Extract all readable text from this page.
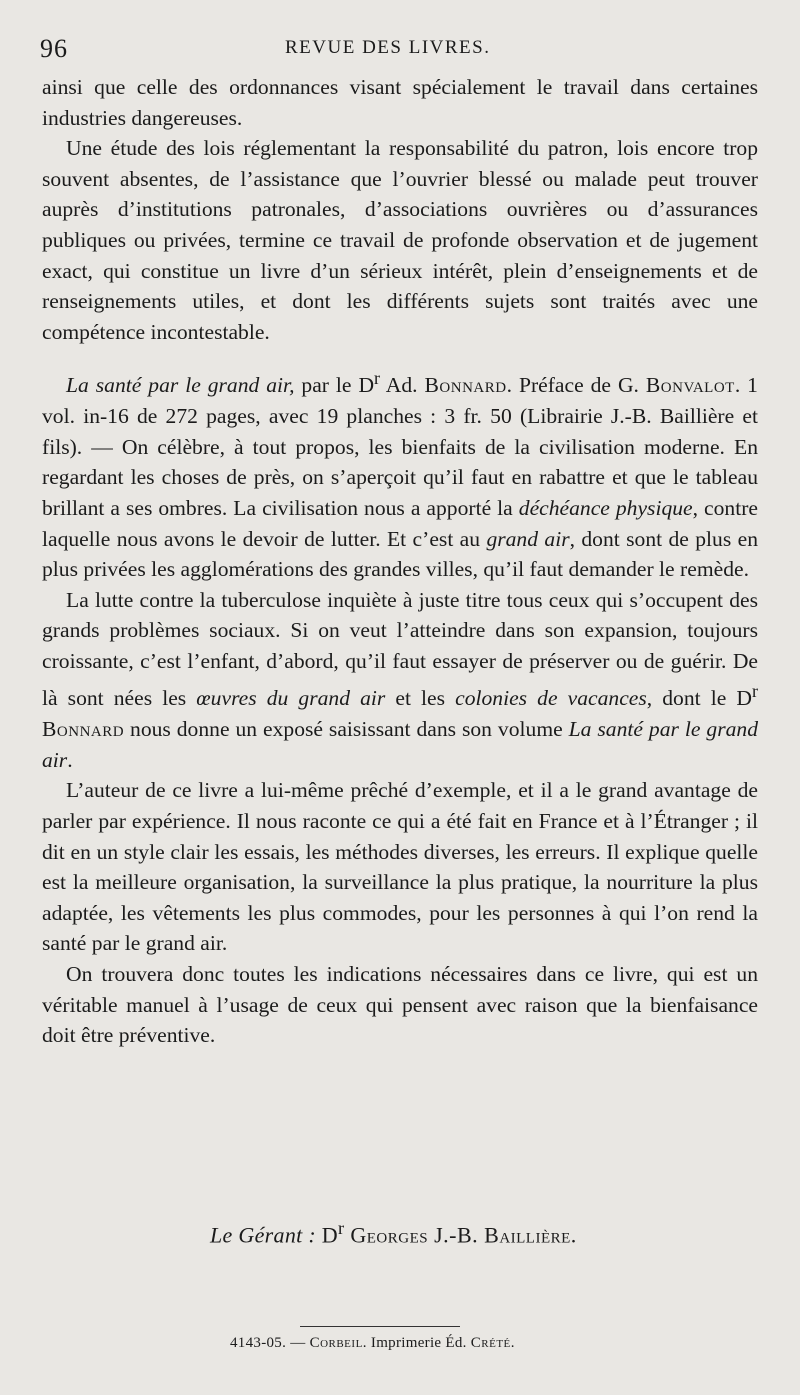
96	REVUE DES LIVRES.

ainsi que celle des ordonnances visant spécialement le travail dans certaines industries dangereuses.

Une étude des lois réglementant la responsabilité du patron, lois encore trop souvent absentes, de l’assistance que l’ouvrier blessé ou malade peut trouver auprès d’institutions patronales, d’associations ouvrières ou d’assurances publiques ou privées, termine ce travail de profonde observation et de jugement exact, qui constitue un livre d’un sérieux intérêt, plein d’enseignements et de renseignements utiles, et dont les différents sujets sont traités avec une compétence incontestable.

La santé par le grand air, par le $D^r$ Ad. Bonnard. Préface de G. Bonvalot. 1 vol. in-16 de 272 pages, avec 19 planches : 3 fr. 50 (Librairie J.-B. Baillière et fils). — On célèbre, à tout propos, les bienfaits de la civilisation moderne. En regardant les choses de près, on s’aperçoit qu’il faut en rabattre et que le tableau brillant a ses ombres. La civilisation nous a apporté la déchéance physique, contre laquelle nous avons le devoir de lutter. Et c’est au grand air, dont sont de plus en plus privées les agglomérations des grandes villes, qu’il faut demander le remède.

La lutte contre la tuberculose inquiète à juste titre tous ceux qui s’occupent des grands problèmes sociaux. Si on veut l’atteindre dans son expansion, toujours croissante, c’est l’enfant, d’abord, qu’il faut essayer de préserver ou de guérir. De là sont nées les œuvres du grand air et les colonies de vacances, dont le $D^r$ Bonnard nous donne un exposé saisissant dans son volume La santé par le grand air.

L’auteur de ce livre a lui-même prêché d’exemple, et il a le grand avantage de parler par expérience. Il nous raconte ce qui a été fait en France et à l’Étranger ; il dit en un style clair les essais, les méthodes diverses, les erreurs. Il explique quelle est la meilleure organisation, la surveillance la plus pratique, la nourriture la plus adaptée, les vêtements les plus commodes, pour les personnes à qui l’on rend la santé par le grand air.

On trouvera donc toutes les indications nécessaires dans ce livre, qui est un véritable manuel à l’usage de ceux qui pensent avec raison que la bienfaisance doit être préventive.

Le Gérant : $D^r$ Georges J.-B. Baillière.
4143-05. — Corbeil. Imprimerie Éd. Crété.
